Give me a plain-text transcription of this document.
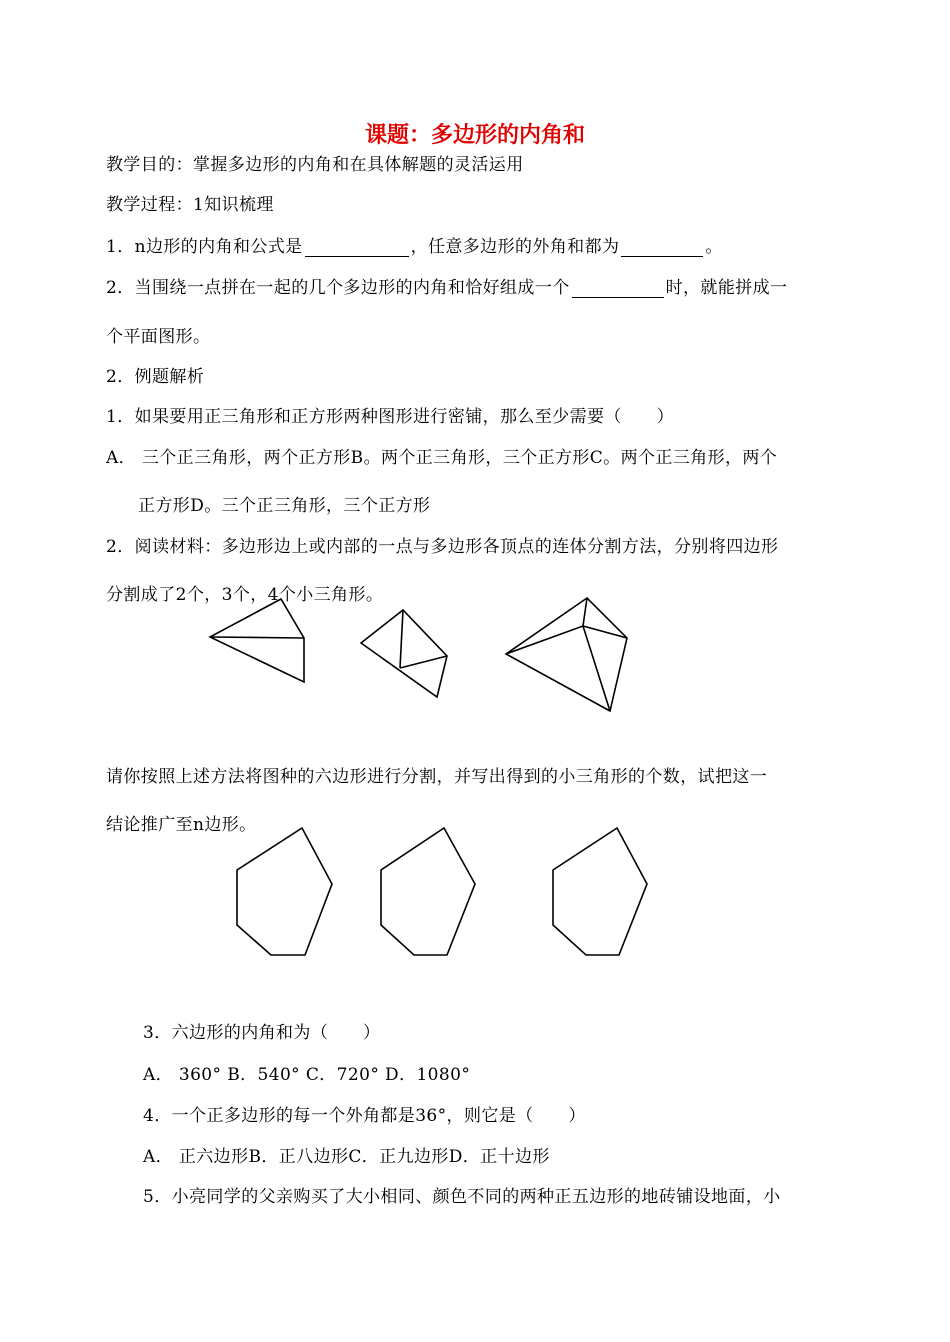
课题：多边形的内角和
教学目的：掌握多边形的内角和在具体解题的灵活运用
教学过程：1知识梳理
1．n边形的内角和公式是	，任意多边形的外角和都为	。
2．当围绕一点拼在一起的几个多边形的内角和恰好组成一个	时，就能拼成一
个平面图形。
2．例题解析
1．如果要用正三角形和正方形两种图形进行密铺，那么至少需要（　　）
A． 三个正三角形，两个正方形B。两个正三角形，三个正方形C。两个正三角形，两个
正方形D。三个正三角形，三个正方形
2．阅读材料：多边形边上或内部的一点与多边形各顶点的连体分割方法，分别将四边形
分割成了2个，3个，4个小三角形。
请你按照上述方法将图种的六边形进行分割，并写出得到的小三角形的个数，试把这一
结论推广至n边形。
3．六边形的内角和为（　　）
A． 360° B．540° C．720° D．1080°
4．一个正多边形的每一个外角都是36°，则它是（　　）
A． 正六边形B．正八边形C．正九边形D．正十边形
5．小亮同学的父亲购买了大小相同、颜色不同的两种正五边形的地砖铺设地面，小
